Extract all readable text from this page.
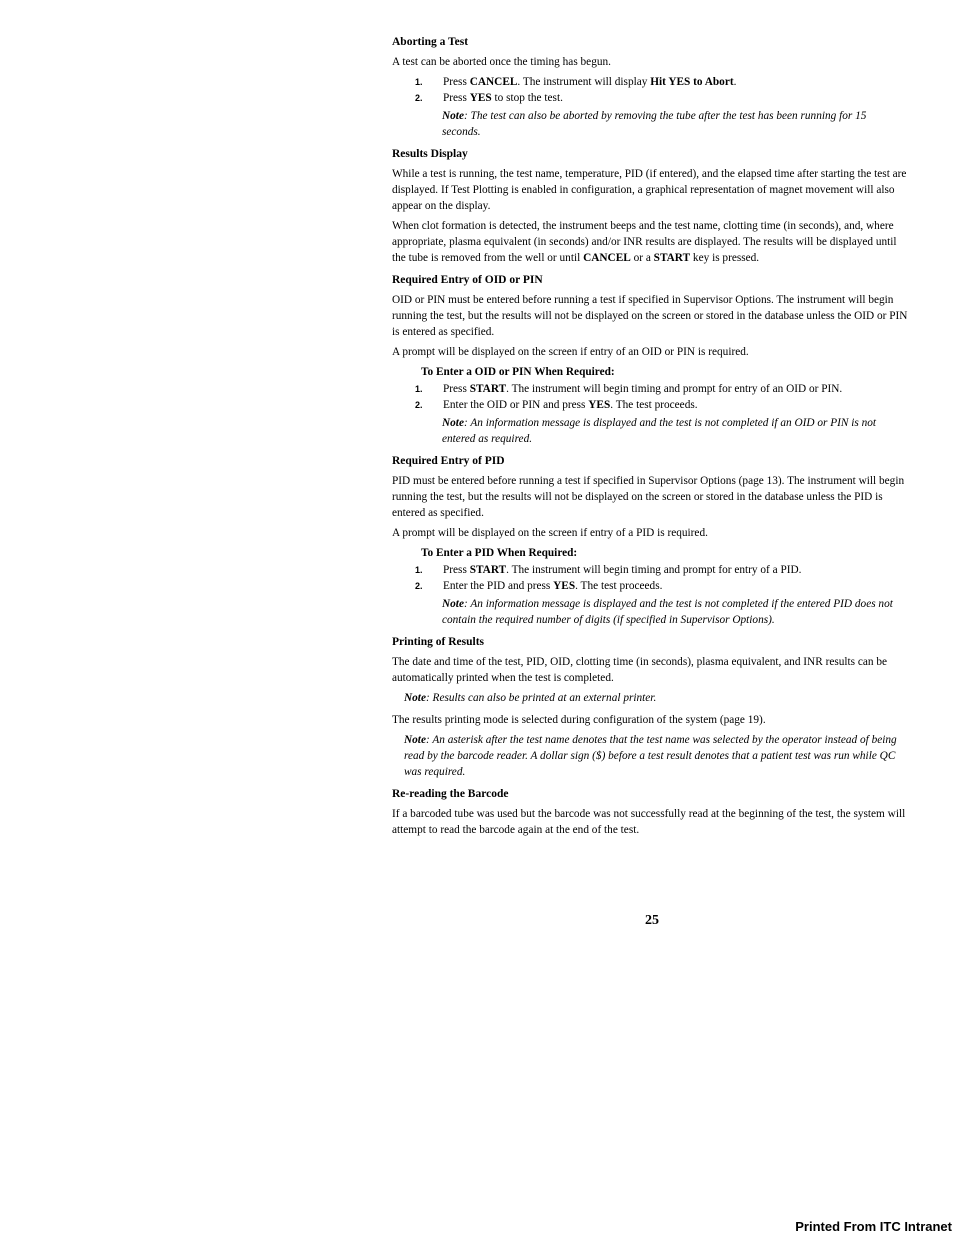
Aborting a Test

A test can be aborted once the timing has begun.

1. Press CANCEL. The instrument will display Hit YES to Abort.
2. Press YES to stop the test.

Note: The test can also be aborted by removing the tube after the test has been running for 15 seconds.

Results Display

While a test is running, the test name, temperature, PID (if entered), and the elapsed time after starting the test are displayed. If Test Plotting is enabled in configuration, a graphical representation of magnet movement will also appear on the display.

When clot formation is detected, the instrument beeps and the test name, clotting time (in seconds), and, where appropriate, plasma equivalent (in seconds) and/or INR results are displayed. The results will be displayed until the tube is removed from the well or until CANCEL or a START key is pressed.

Required Entry of OID or PIN

OID or PIN must be entered before running a test if specified in Supervisor Options. The instrument will begin running the test, but the results will not be displayed on the screen or stored in the database unless the OID or PIN is entered as specified.

A prompt will be displayed on the screen if entry of an OID or PIN is required.

To Enter a OID or PIN When Required:
1. Press START. The instrument will begin timing and prompt for entry of an OID or PIN.
2. Enter the OID or PIN and press YES. The test proceeds.

Note: An information message is displayed and the test is not completed if an OID or PIN is not entered as required.

Required Entry of PID

PID must be entered before running a test if specified in Supervisor Options (page 13). The instrument will begin running the test, but the results will not be displayed on the screen or stored in the database unless the PID is entered as specified.

A prompt will be displayed on the screen if entry of a PID is required.

To Enter a PID When Required:
1. Press START. The instrument will begin timing and prompt for entry of a PID.
2. Enter the PID and press YES. The test proceeds.

Note: An information message is displayed and the test is not completed if the entered PID does not contain the required number of digits (if specified in Supervisor Options).

Printing of Results

The date and time of the test, PID, OID, clotting time (in seconds), plasma equivalent, and INR results can be automatically printed when the test is completed.

Note: Results can also be printed at an external printer.

The results printing mode is selected during configuration of the system (page 19).

Note: An asterisk after the test name denotes that the test name was selected by the operator instead of being read by the barcode reader. A dollar sign ($) before a test result denotes that a patient test was run while QC was required.

Re-reading the Barcode

If a barcoded tube was used but the barcode was not successfully read at the beginning of the test, the system will attempt to read the barcode again at the end of the test.

25
Printed From ITC Intranet
